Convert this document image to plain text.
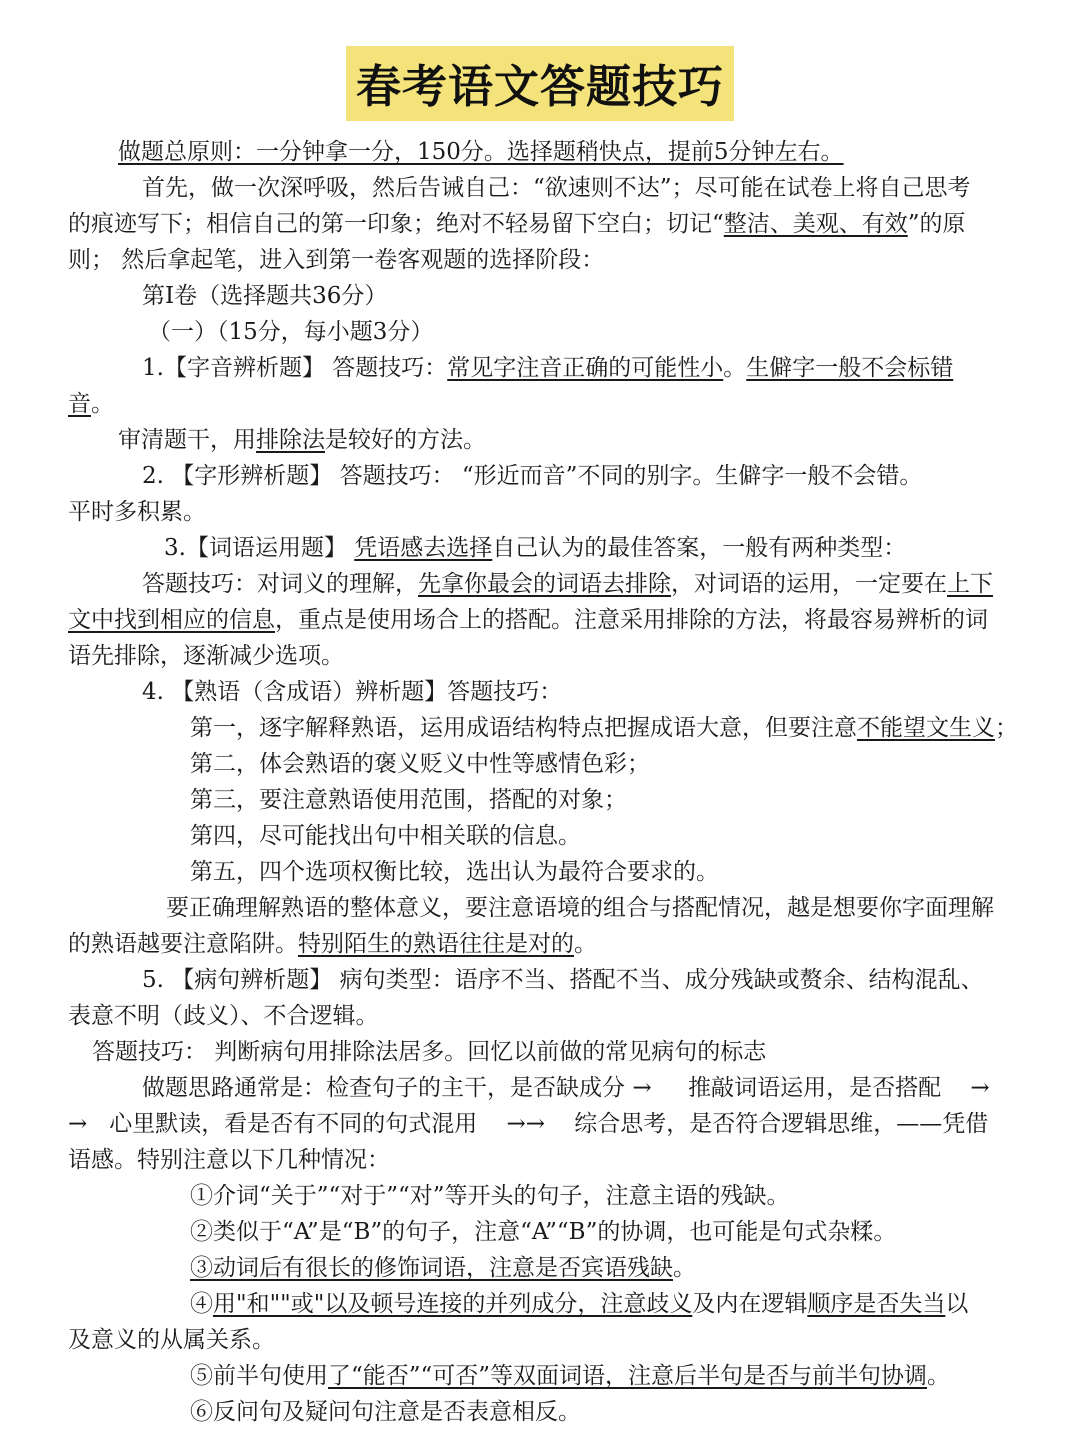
春考语文答题技巧
做题总原则：一分钟拿一分，150分。选择题稍快点，提前5分钟左右。
首先，做一次深呼吸，然后告诫自己：“欲速则不达”；尽可能在试卷上将自己思考
的痕迹写下；相信自己的第一印象；绝对不轻易留下空白；切记“整洁、美观、有效”的原
则； 然后拿起笔，进入到第一卷客观题的选择阶段：
第Ⅰ卷（选择题共36分）
（一）（15分，每小题3分）
1.【字音辨析题】 答题技巧：常见字注音正确的可能性小。生僻字一般不会标错
音。
审清题干，用排除法是较好的方法。
2. 【字形辨析题】 答题技巧： “形近而音”不同的别字。生僻字一般不会错。
平时多积累。
3.【词语运用题】 凭语感去选择自己认为的最佳答案，一般有两种类型：
答题技巧：对词义的理解，先拿你最会的词语去排除，对词语的运用，一定要在上下
文中找到相应的信息，重点是使用场合上的搭配。注意采用排除的方法，将最容易辨析的词
语先排除，逐渐减少选项。
4. 【熟语（含成语）辨析题】答题技巧：
第一，逐字解释熟语，运用成语结构特点把握成语大意，但要注意不能望文生义；
第二，体会熟语的褒义贬义中性等感情色彩；
第三，要注意熟语使用范围，搭配的对象；
第四，尽可能找出句中相关联的信息。
第五，四个选项权衡比较，选出认为最符合要求的。
要正确理解熟语的整体意义，要注意语境的组合与搭配情况，越是想要你字面理解
的熟语越要注意陷阱。特别陌生的熟语往往是对的。
5. 【病句辨析题】 病句类型：语序不当、搭配不当、成分残缺或赘余、结构混乱、
表意不明（歧义）、不合逻辑。
答题技巧： 判断病句用排除法居多。回忆以前做的常见病句的标志
做题思路通常是：检查句子的主干，是否缺成分 → 推敲词语运用，是否搭配 →
→ 心里默读，看是否有不同的句式混用 →→ 综合思考，是否符合逻辑思维，——凭借
语感。特别注意以下几种情况：
①介词“关于”“对于”“对”等开头的句子，注意主语的残缺。
②类似于“A”是“B”的句子，注意“A”“B”的协调，也可能是句式杂糅。
③动词后有很长的修饰词语，注意是否宾语残缺。
④用"和""或"以及顿号连接的并列成分，注意歧义及内在逻辑顺序是否失当以
及意义的从属关系。
⑤前半句使用了“能否”“可否”等双面词语，注意后半句是否与前半句协调。
⑥反问句及疑问句注意是否表意相反。
